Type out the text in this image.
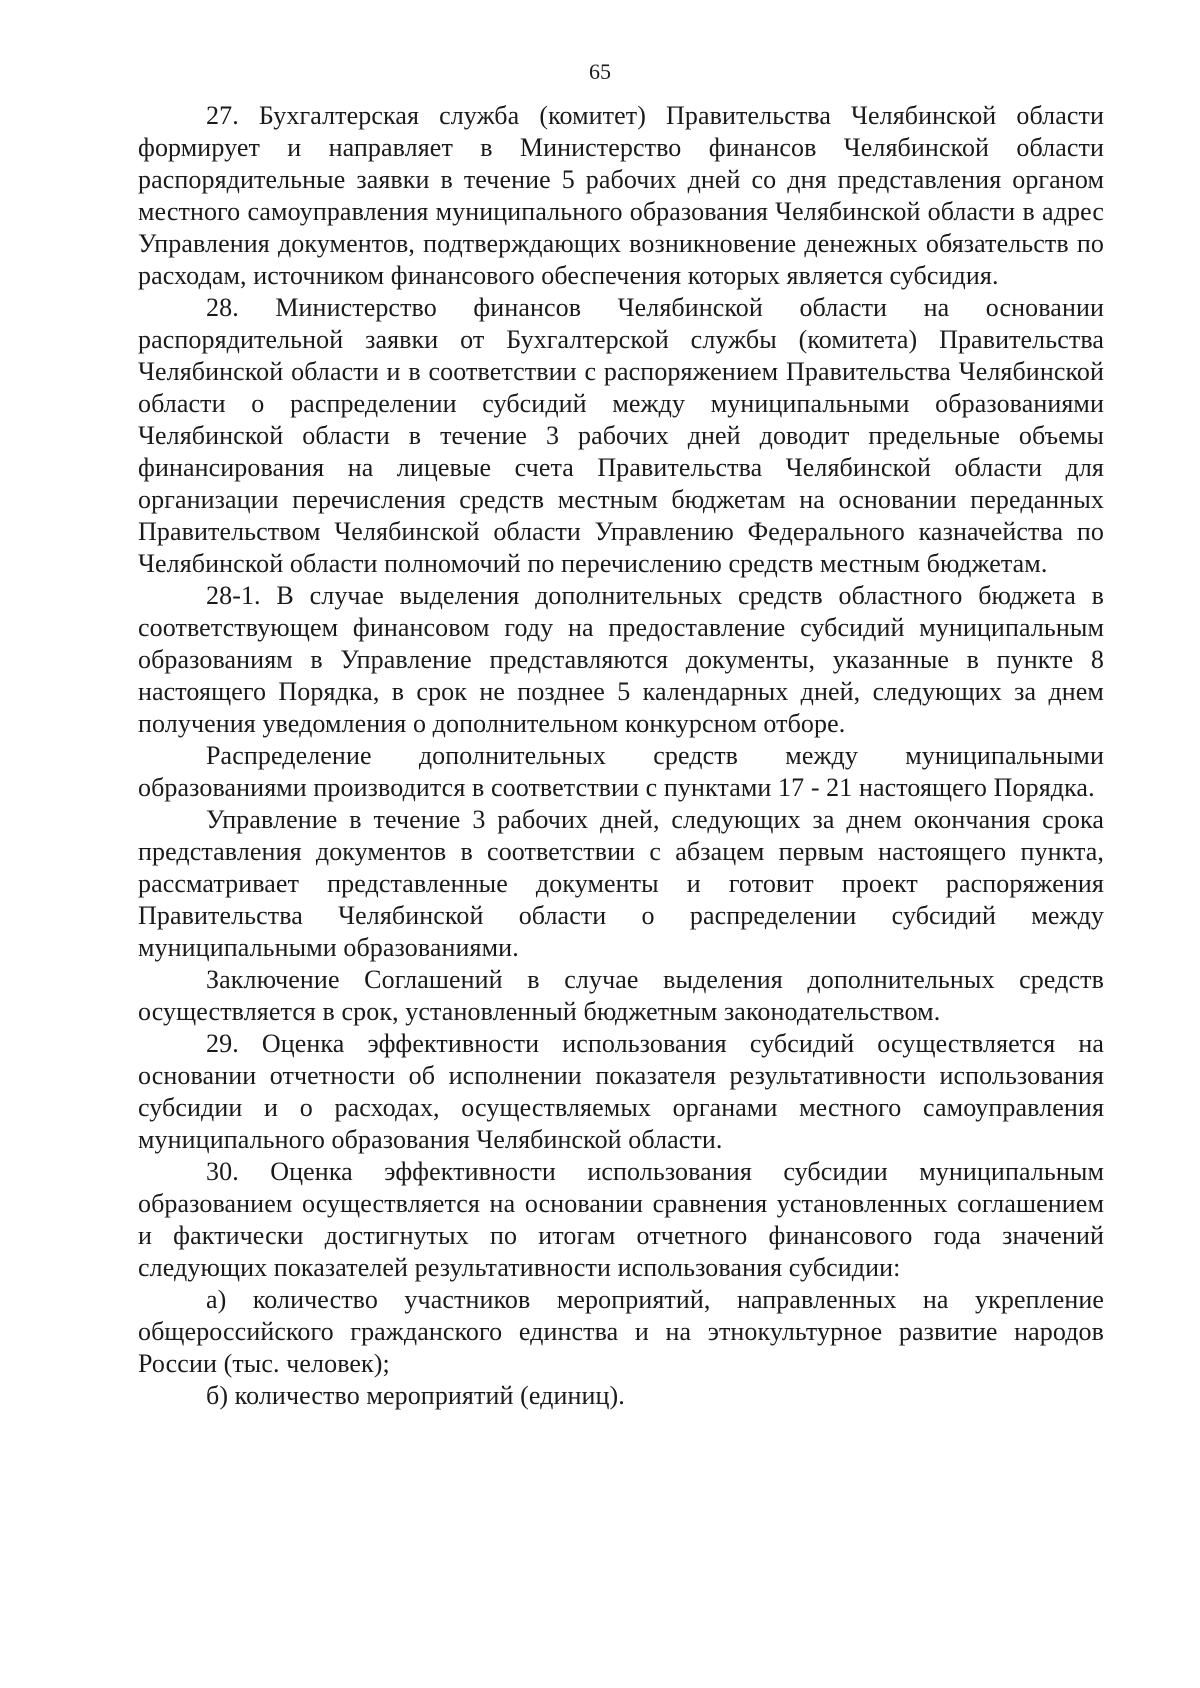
65

27. Бухгалтерская служба (комитет) Правительства Челябинской области формирует и направляет в Министерство финансов Челябинской области распорядительные заявки в течение 5 рабочих дней со дня представления органом местного самоуправления муниципального образования Челябинской области в адрес Управления документов, подтверждающих возникновение денежных обязательств по расходам, источником финансового обеспечения которых является субсидия.

28. Министерство финансов Челябинской области на основании распорядительной заявки от Бухгалтерской службы (комитета) Правительства Челябинской области и в соответствии с распоряжением Правительства Челябинской области о распределении субсидий между муниципальными образованиями Челябинской области в течение 3 рабочих дней доводит предельные объемы финансирования на лицевые счета Правительства Челябинской области для организации перечисления средств местным бюджетам на основании переданных Правительством Челябинской области Управлению Федерального казначейства по Челябинской области полномочий по перечислению средств местным бюджетам.

28-1. В случае выделения дополнительных средств областного бюджета в соответствующем финансовом году на предоставление субсидий муниципальным образованиям в Управление представляются документы, указанные в пункте 8 настоящего Порядка, в срок не позднее 5 календарных дней, следующих за днем получения уведомления о дополнительном конкурсном отборе.

Распределение дополнительных средств между муниципальными образованиями производится в соответствии с пунктами 17 - 21 настоящего Порядка.

Управление в течение 3 рабочих дней, следующих за днем окончания срока представления документов в соответствии с абзацем первым настоящего пункта, рассматривает представленные документы и готовит проект распоряжения Правительства Челябинской области о распределении субсидий между муниципальными образованиями.

Заключение Соглашений в случае выделения дополнительных средств осуществляется в срок, установленный бюджетным законодательством.

29. Оценка эффективности использования субсидий осуществляется на основании отчетности об исполнении показателя результативности использования субсидии и о расходах, осуществляемых органами местного самоуправления муниципального образования Челябинской области.

30. Оценка эффективности использования субсидии муниципальным образованием осуществляется на основании сравнения установленных соглашением и фактически достигнутых по итогам отчетного финансового года значений следующих показателей результативности использования субсидии:

а) количество участников мероприятий, направленных на укрепление общероссийского гражданского единства и на этнокультурное развитие народов России (тыс. человек);

б) количество мероприятий (единиц).
